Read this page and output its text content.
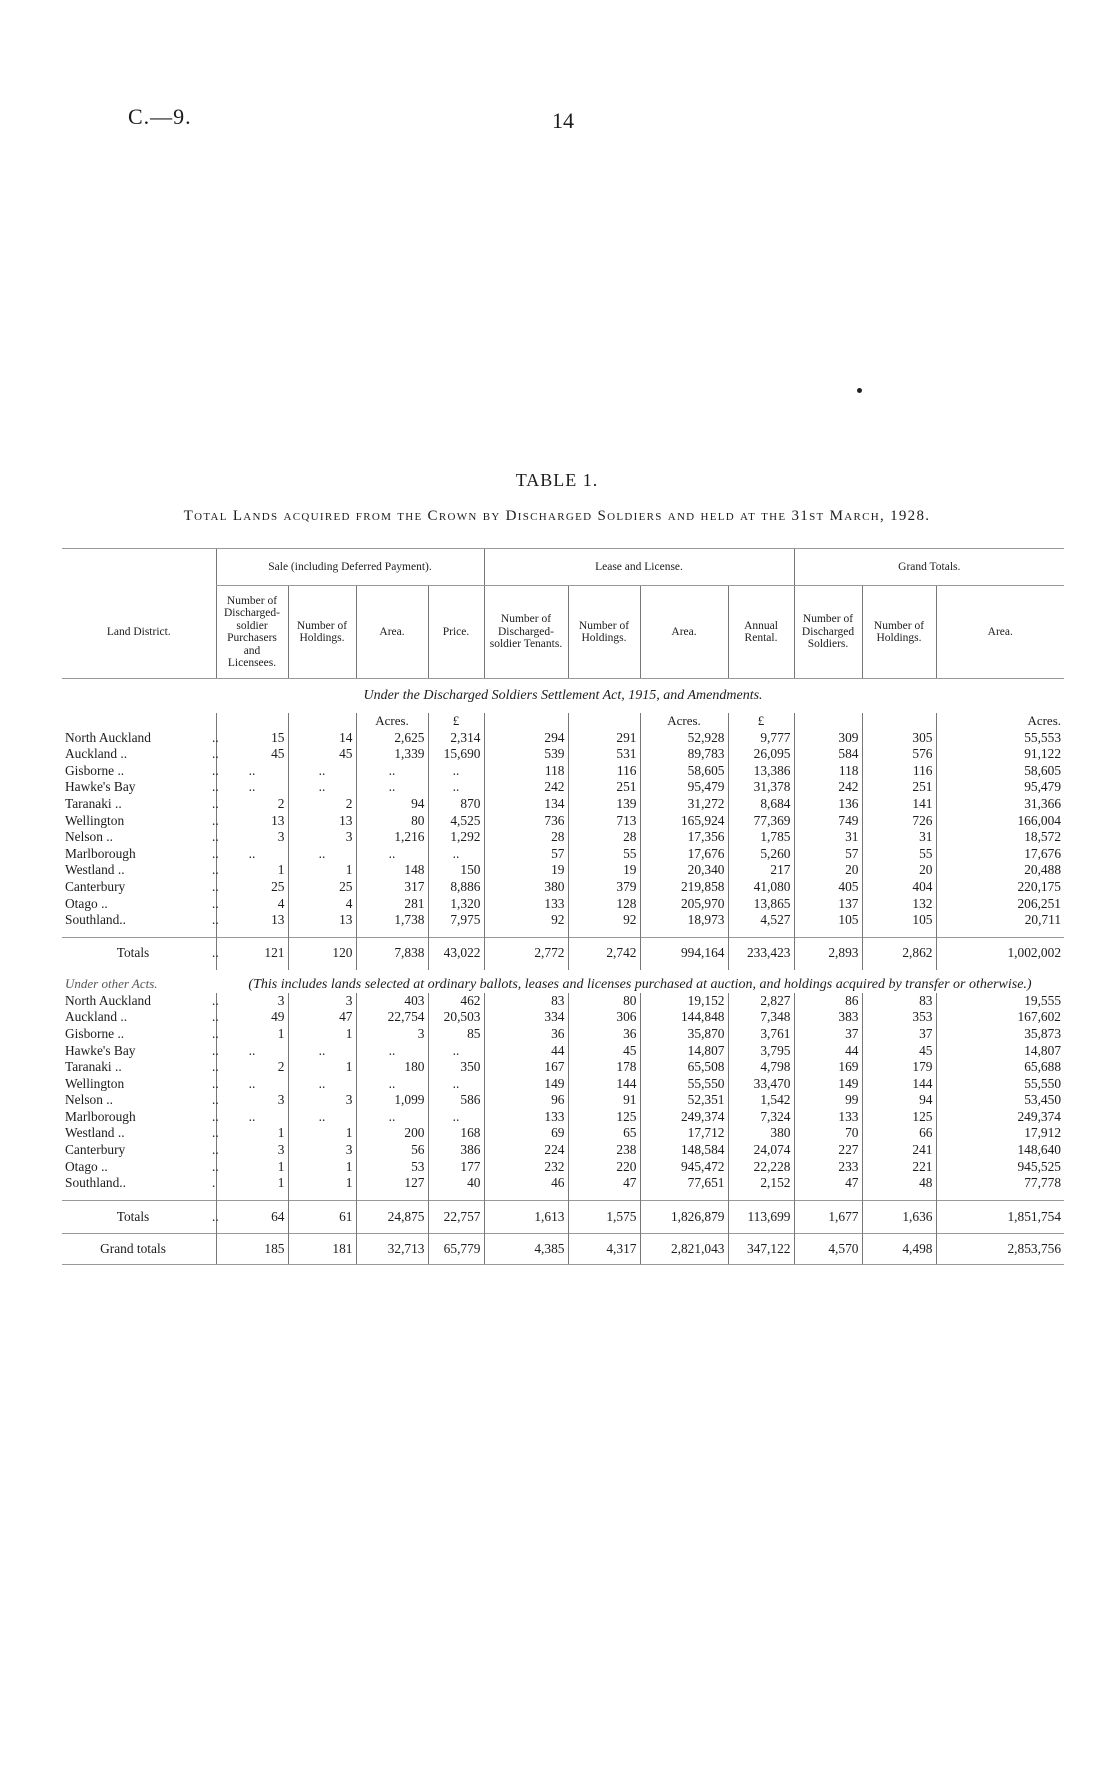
C.—9.	14
TABLE 1.
Total Lands acquired from the Crown by Discharged Soldiers and held at the 31st March, 1928.
		Sale (including Deferred Payment).				Lease and License.				Grand Totals.		
Land District.		Number of Discharged-soldier Purchasers and Licensees.	Number of Holdings.	Area.	Price.	Number of Discharged-soldier Tenants.	Number of Holdings.	Area.	Annual Rental.	Number of Discharged Soldiers.	Number of Holdings.	Area.
Under the Discharged Soldiers Settlement Act, 1915, and Amendments.												
				Acres.	£			Acres.	£			Acres.
North Auckland	..	15	14	2,625	2,314	294	291	52,928	9,777	309	305	55,553
Auckland ..	..	45	45	1,339	15,690	539	531	89,783	26,095	584	576	91,122
Gisborne ..	..	..	..	..	..	118	116	58,605	13,386	118	116	58,605
Hawke's Bay	..	..	..	..	..	242	251	95,479	31,378	242	251	95,479
Taranaki ..	..	2	2	94	870	134	139	31,272	8,684	136	141	31,366
Wellington	..	13	13	80	4,525	736	713	165,924	77,369	749	726	166,004
Nelson ..	..	3	3	1,216	1,292	28	28	17,356	1,785	31	31	18,572
Marlborough	..	..	..	..	..	57	55	17,676	5,260	57	55	17,676
Westland ..	..	1	1	148	150	19	19	20,340	217	20	20	20,488
Canterbury	..	25	25	317	8,886	380	379	219,858	41,080	405	404	220,175
Otago ..	..	4	4	281	1,320	133	128	205,970	13,865	137	132	206,251
Southland..	..	13	13	1,738	7,975	92	92	18,973	4,527	105	105	20,711

Totals	..	121	120	7,838	43,022	2,772	2,742	994,164	233,423	2,893	2,862	1,002,002
Under other Acts.		(This includes lands selected at ordinary ballots, leases and licenses purchased at auction, and holdings acquired by transfer or otherwise.)										
North Auckland	..	3	3	403	462	83	80	19,152	2,827	86	83	19,555
Auckland ..	..	49	47	22,754	20,503	334	306	144,848	7,348	383	353	167,602
Gisborne ..	..	1	1	3	85	36	36	35,870	3,761	37	37	35,873
Hawke's Bay	..	..	..	..	..	44	45	14,807	3,795	44	45	14,807
Taranaki ..	..	2	1	180	350	167	178	65,508	4,798	169	179	65,688
Wellington	..	..	..	..	..	149	144	55,550	33,470	149	144	55,550
Nelson ..	..	3	3	1,099	586	96	91	52,351	1,542	99	94	53,450
Marlborough	..	..	..	..	..	133	125	249,374	7,324	133	125	249,374
Westland ..	..	1	1	200	168	69	65	17,712	380	70	66	17,912
Canterbury	..	3	3	56	386	224	238	148,584	24,074	227	241	148,640
Otago ..	..	1	1	53	177	232	220	945,472	22,228	233	221	945,525
Southland..	.	1	1	127	40	46	47	77,651	2,152	47	48	77,778

Totals	..	64	61	24,875	22,757	1,613	1,575	1,826,879	113,699	1,677	1,636	1,851,754
Grand totals		185	181	32,713	65,779	4,385	4,317	2,821,043	347,122	4,570	4,498	2,853,756
